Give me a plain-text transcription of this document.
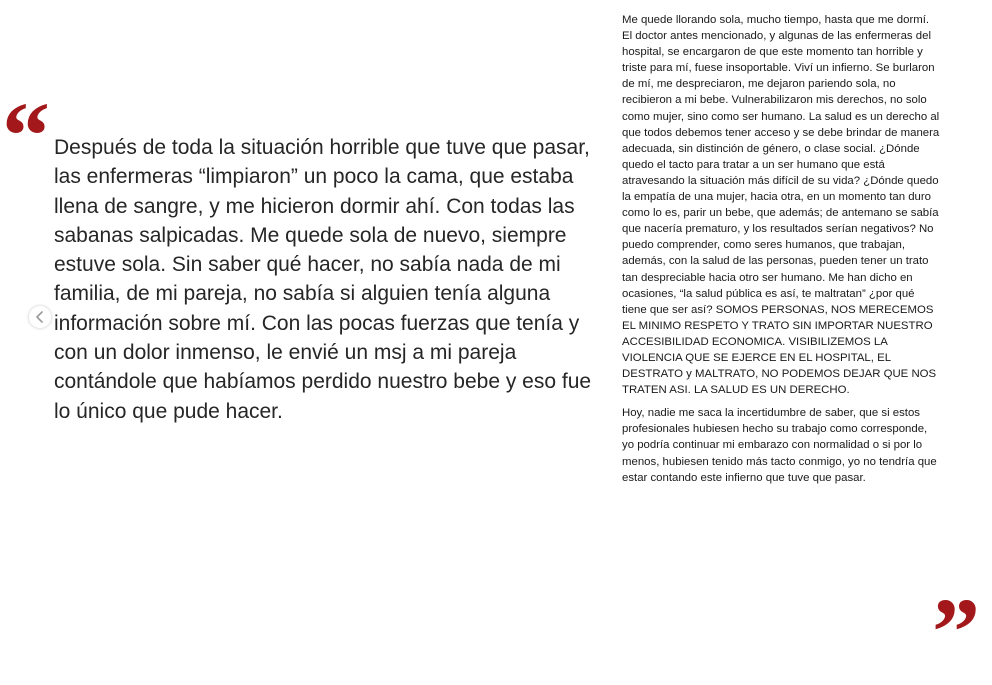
“ Después de toda la situación horrible que tuve que pasar, las enfermeras “limpiaron” un poco la cama, que estaba llena de sangre, y me hicieron dormir ahí. Con todas las sabanas salpicadas. Me quede sola de nuevo, siempre estuve sola. Sin saber qué hacer, no sabía nada de mi familia, de mi pareja, no sabía si alguien tenía alguna información sobre mí. Con las pocas fuerzas que tenía y con un dolor inmenso, le envié un msj a mi pareja contándole que habíamos perdido nuestro bebe y eso fue lo único que pude hacer.

Me quede llorando sola, mucho tiempo, hasta que me dormí. El doctor antes mencionado, y algunas de las enfermeras del hospital, se encargaron de que este momento tan horrible y triste para mí, fuese insoportable. Viví un infierno. Se burlaron de mí, me despreciaron, me dejaron pariendo sola, no recibieron a mi bebe. Vulnerabilizaron mis derechos, no solo como mujer, sino como ser humano. La salud es un derecho al que todos debemos tener acceso y se debe brindar de manera adecuada, sin distinción de género, o clase social. ¿Dónde quedo el tacto para tratar a un ser humano que está atravesando la situación más difícil de su vida? ¿Dónde quedo la empatía de una mujer, hacia otra, en un momento tan duro como lo es, parir un bebe, que además; de antemano se sabía que nacería prematuro, y los resultados serían negativos? No puedo comprender, como seres humanos, que trabajan, además, con la salud de las personas, pueden tener un trato tan despreciable hacia otro ser humano. Me han dicho en ocasiones, “la salud pública es así, te maltratan” ¿por qué tiene que ser así? SOMOS PERSONAS, NOS MERECEMOS EL MINIMO RESPETO Y TRATO SIN IMPORTAR NUESTRO ACCESIBILIDAD ECONOMICA. VISIBILIZEMOS LA VIOLENCIA QUE SE EJERCE EN EL HOSPITAL, EL DESTRATO y MALTRATO, NO PODEMOS DEJAR QUE NOS TRATEN ASI. LA SALUD ES UN DERECHO.

Hoy, nadie me saca la incertidumbre de saber, que si estos profesionales hubiesen hecho su trabajo como corresponde, yo podría continuar mi embarazo con normalidad o si por lo menos, hubiesen tenido más tacto conmigo, yo no tendría que estar contando este infierno que tuve que pasar.

”
